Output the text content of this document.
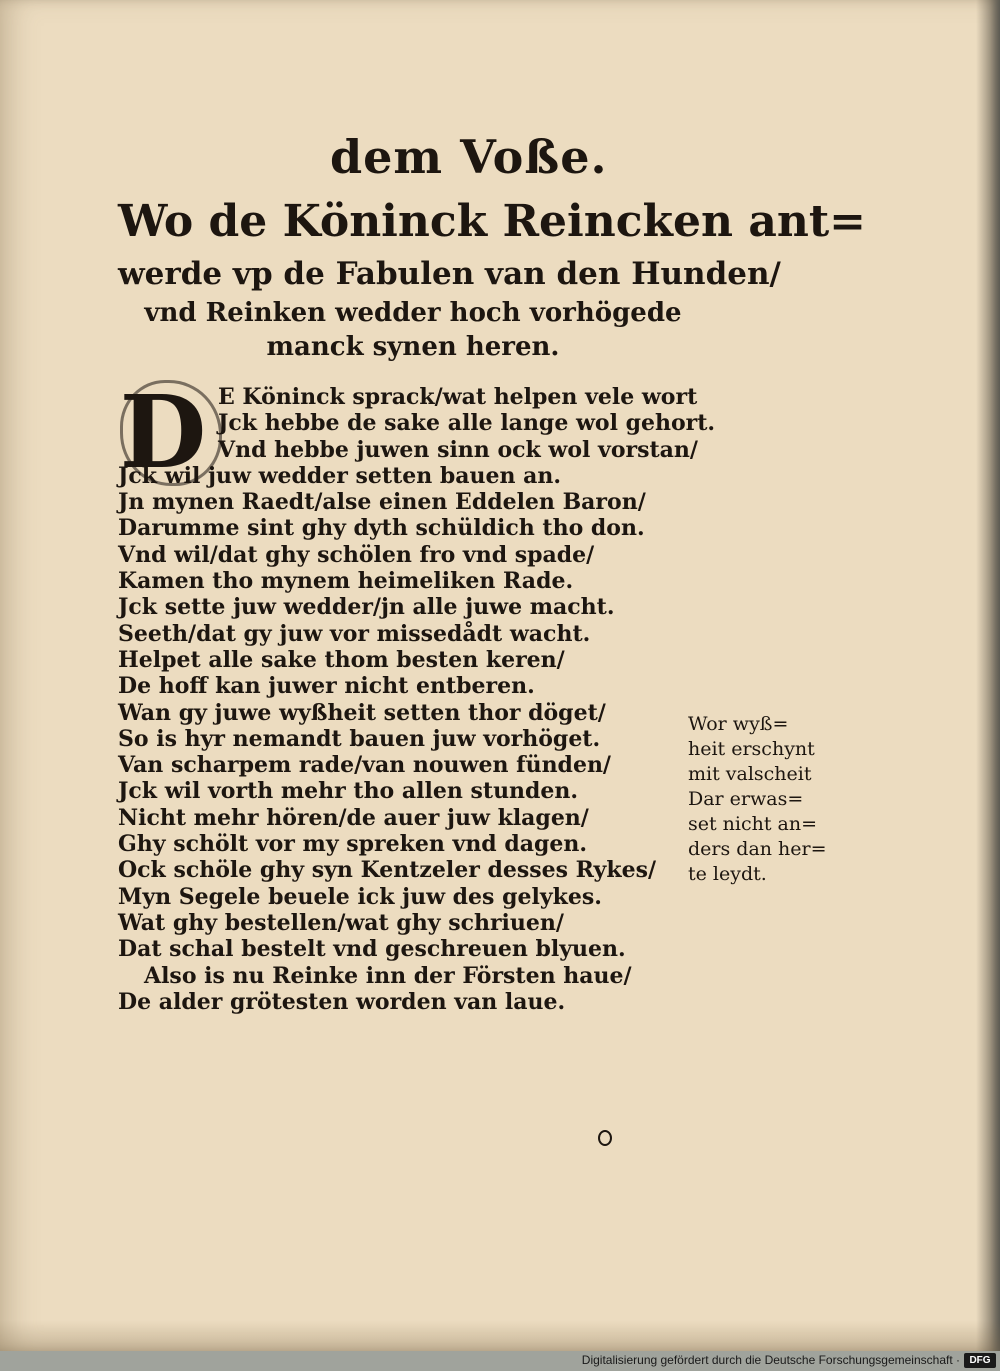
dem Voße.
Wo de Köninck Reincken ant=
werde vp de Fabulen van den Hunden/
vnd Reinken wedder hoch vorhögede
manck synen heren.
D E Köninck sprack/wat helpen vele wort
Jck hebbe de sake alle lange wol gehort.
Vnd hebbe juwen sinn ock wol vorstan/
Jck wil juw wedder setten bauen an.
Jn mynen Raedt/alse einen Eddelen Baron/
Darumme sint ghy dyth schüldich tho don.
Vnd wil/dat ghy schölen fro vnd spade/
Kamen tho mynem heimeliken Rade.
Jck sette juw wedder/jn alle juwe macht.
Seeth/dat gy juw vor missedådt wacht.
Helpet alle sake thom besten keren/
De hoff kan juwer nicht entberen.
Wan gy juwe wyßheit setten thor döget/
So is hyr nemandt bauen juw vorhöget.
Van scharpem rade/van nouwen fünden/
Jck wil vorth mehr tho allen stunden.
Nicht mehr hören/de auer juw klagen/
Ghy schölt vor my spreken vnd dagen.
Ock schöle ghy syn Kentzeler desses Rykes/
Myn Segele beuele ick juw des gelykes.
Wat ghy bestellen/wat ghy schriuen/
Dat schal bestelt vnd geschreuen blyuen.
Also is nu Reinke inn der Försten haue/
De alder grötesten worden van laue.
Wor wyß=
heit erschynt
mit valscheit
Dar erwas=
set nicht an=
ders dan her=
te leydt.
Digitalisierung gefördert durch die Deutsche Forschungsgemeinschaft · DFG
